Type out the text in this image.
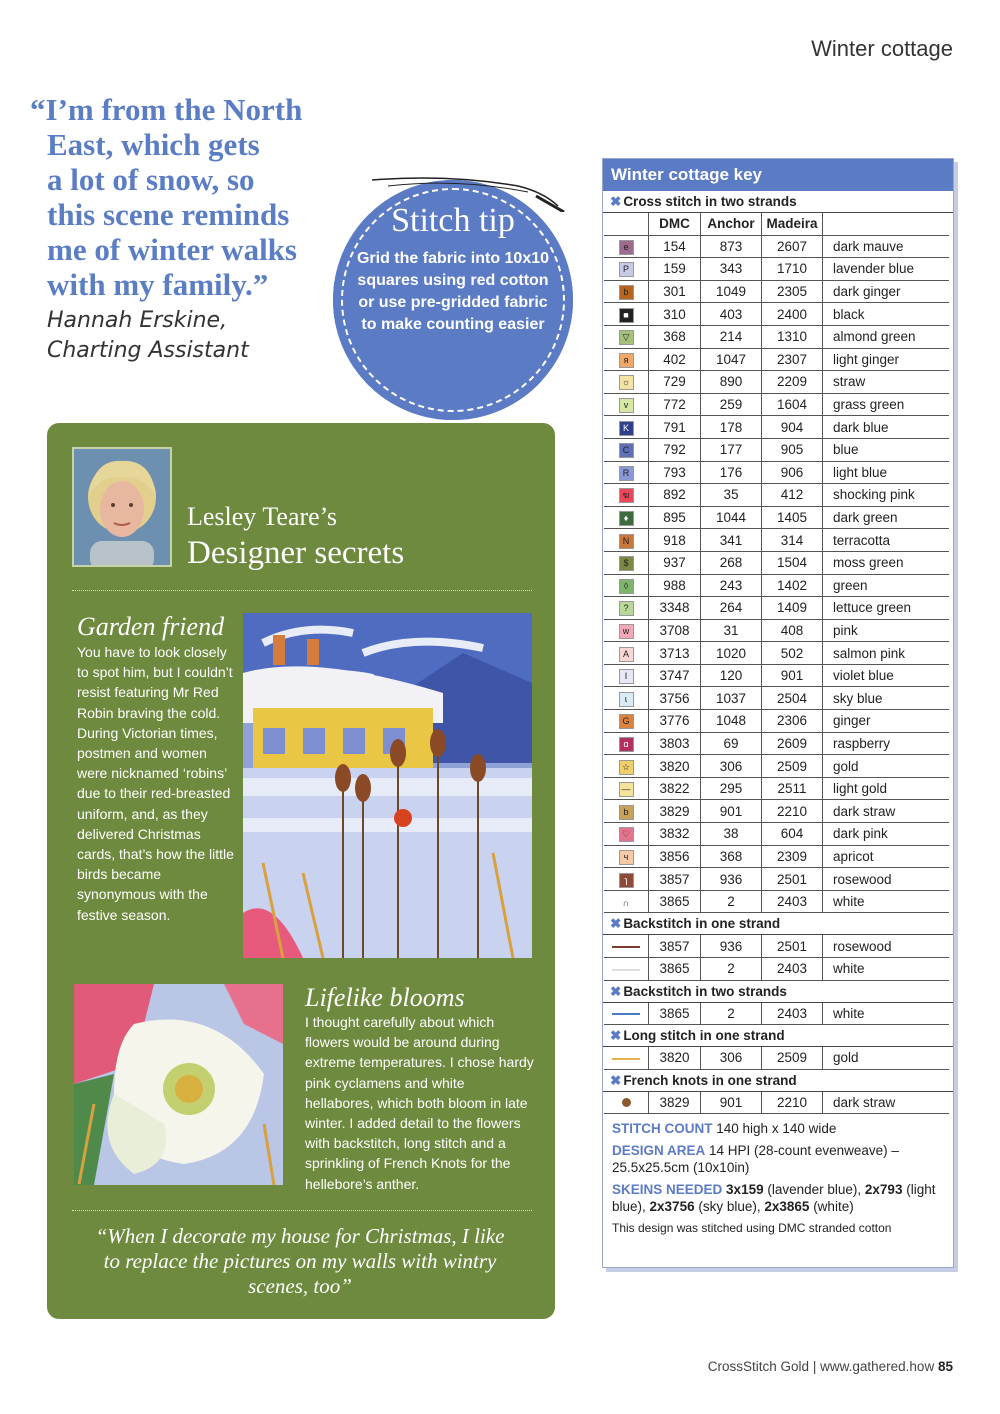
Winter cottage

“I’m from the North
East, which gets
a lot of snow, so
this scene reminds
me of winter walks
with my family.”

Hannah Erskine,
Charting Assistant
Stitch tip
Grid the fabric into 10x10 squares using red cotton or use pre-gridded fabric to make counting easier
Lesley Teare’s
Designer secrets
Garden friend
You have to look closely to spot him, but I couldn’t resist featuring Mr Red Robin braving the cold. During Victorian times, postmen and women were nicknamed ‘robins’ due to their red-breasted uniform, and, as they delivered Christmas cards, that’s how the little birds became synonymous with the festive season.
Lifelike blooms
I thought carefully about which flowers would be around during extreme temperatures. I chose hardy pink cyclamens and white hellabores, which both bloom in late winter. I added detail to the flowers with backstitch, long stitch and a sprinkling of French Knots for the hellebore’s anther.
“When I decorate my house for Christmas, I like to replace the pictures on my walls with wintry scenes, too”
Winter cottage key
✖ Cross stitch in two strands
	DMC	Anchor	Madeira	
e	154	873	2607	dark mauve
P	159	343	1710	lavender blue
b	301	1049	2305	dark ginger
■	310	403	2400	black
▽	368	214	1310	almond green
я	402	1047	2307	light ginger
☼	729	890	2209	straw
v	772	259	1604	grass green
K	791	178	904	dark blue
C	792	177	905	blue
R	793	176	906	light blue
ฆ	892	35	412	shocking pink
♦	895	1044	1405	dark green
N	918	341	314	terracotta
$	937	268	1504	moss green
◊	988	243	1402	green
?	3348	264	1409	lettuce green
w	3708	31	408	pink
A	3713	1020	502	salmon pink
I	3747	120	901	violet blue
ɩ	3756	1037	2504	sky blue
G	3776	1048	2306	ginger
ɑ	3803	69	2609	raspberry
☆	3820	306	2509	gold
—	3822	295	2511	light gold
b	3829	901	2210	dark straw
♡	3832	38	604	dark pink
ч	3856	368	2309	apricot
ɿ	3857	936	2501	rosewood
∩	3865	2	2403	white
✖ Backstitch in one strand
	3857	936	2501	rosewood
	3865	2	2403	white
✖ Backstitch in two strands
	3865	2	2403	white
✖ Long stitch in one strand
	3820	306	2509	gold
✖ French knots in one strand
	3829	901	2210	dark straw

STITCH COUNT 140 high x 140 wide

DESIGN AREA 14 HPI (28-count evenweave) – 25.5x25.5cm (10x10in)

SKEINS NEEDED 3x159 (lavender blue), 2x793 (light blue), 2x3756 (sky blue), 2x3865 (white)

This design was stitched using DMC stranded cotton

CrossStitch Gold | www.gathered.how 85
